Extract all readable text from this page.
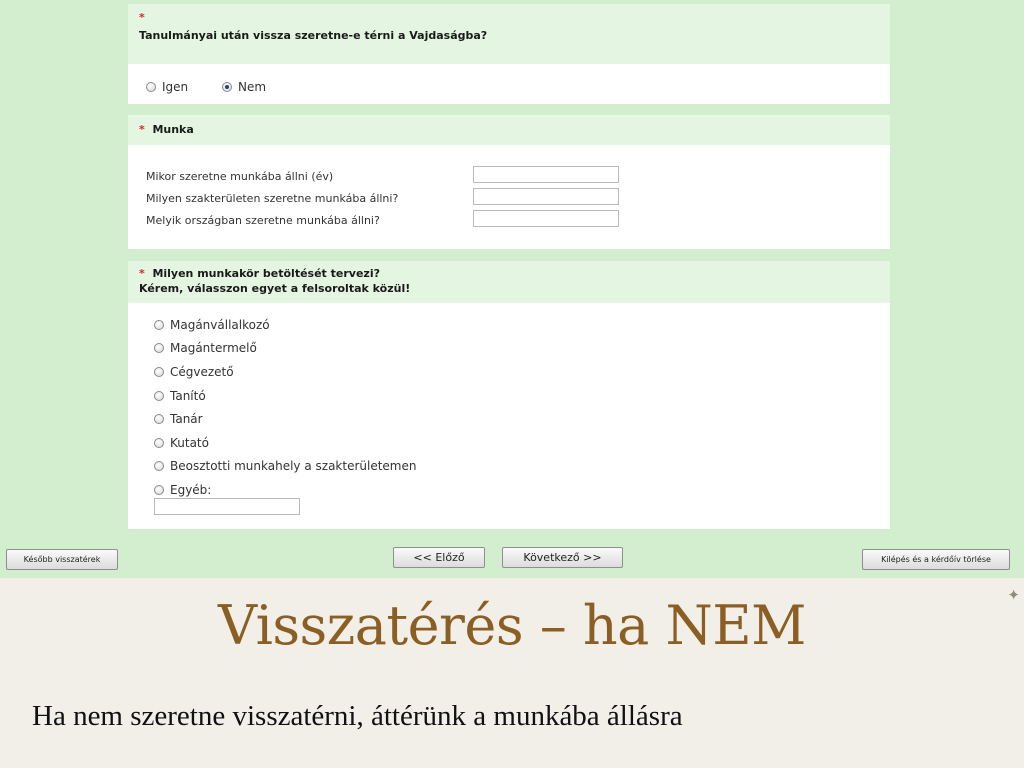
*
Tanulmányai után vissza szeretne-e térni a Vajdaságba?
Igen
	Nem
* Munka
Mikor szeretne munkába állni (év)
Milyen szakterületen szeretne munkába állni?
Melyik országban szeretne munkába állni?
* Milyen munkakör betöltését tervezi?
Kérem, válasszon egyet a felsoroltak közül!
Magánvállalkozó
Magántermelő
Cégvezető
Tanító
Tanár
Kutató
Beosztotti munkahely a szakterületemen
Egyéb:
Később visszatérek	<< Előző	Következő >>	Kilépés és a kérdőív törlése
✦
Visszatérés – ha NEM
Ha nem szeretne visszatérni, áttérünk a munkába állásra
